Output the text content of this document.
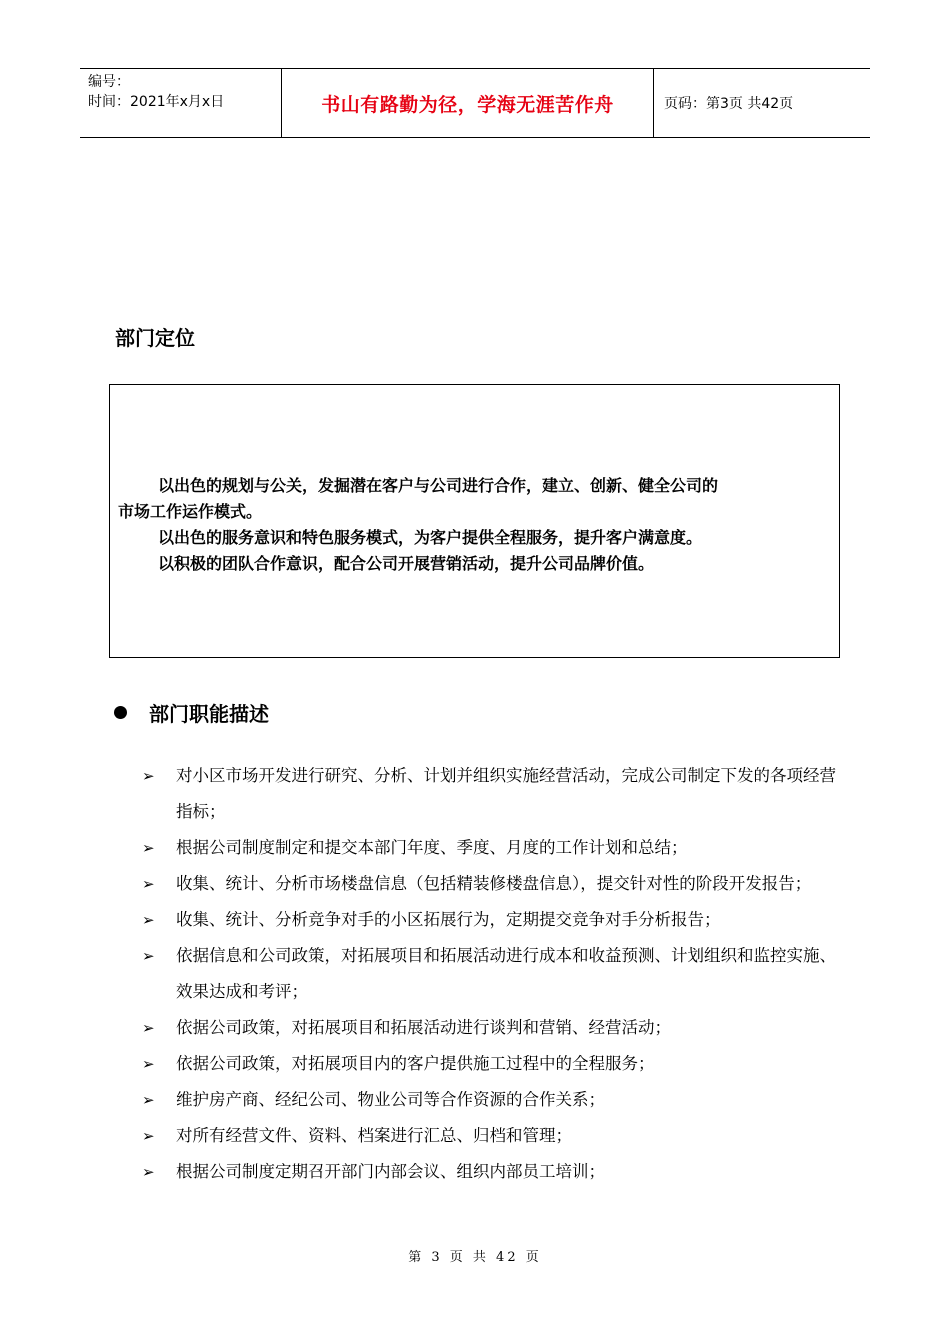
编号：
时间：2021年x月x日	书山有路勤为径，学海无涯苦作舟	页码：第3页 共42页
部门定位

以出色的规划与公关，发掘潜在客户与公司进行合作，建立、创新、健全公司的

市场工作运作模式。

以出色的服务意识和特色服务模式，为客户提供全程服务，提升客户满意度。

以积极的团队合作意识，配合公司开展营销活动，提升公司品牌价值。

部门职能描述
➢	对小区市场开发进行研究、分析、计划并组织实施经营活动，完成公司制定下发的各项经营指标；
➢	根据公司制度制定和提交本部门年度、季度、月度的工作计划和总结；
➢	收集、统计、分析市场楼盘信息（包括精装修楼盘信息），提交针对性的阶段开发报告；
➢	收集、统计、分析竞争对手的小区拓展行为，定期提交竞争对手分析报告；
➢	依据信息和公司政策，对拓展项目和拓展活动进行成本和收益预测、计划组织和监控实施、效果达成和考评；
➢	依据公司政策，对拓展项目和拓展活动进行谈判和营销、经营活动；
➢	依据公司政策，对拓展项目内的客户提供施工过程中的全程服务；
➢	维护房产商、经纪公司、物业公司等合作资源的合作关系；
➢	对所有经营文件、资料、档案进行汇总、归档和管理；
➢	根据公司制度定期召开部门内部会议、组织内部员工培训；
第 3 页 共 42 页
